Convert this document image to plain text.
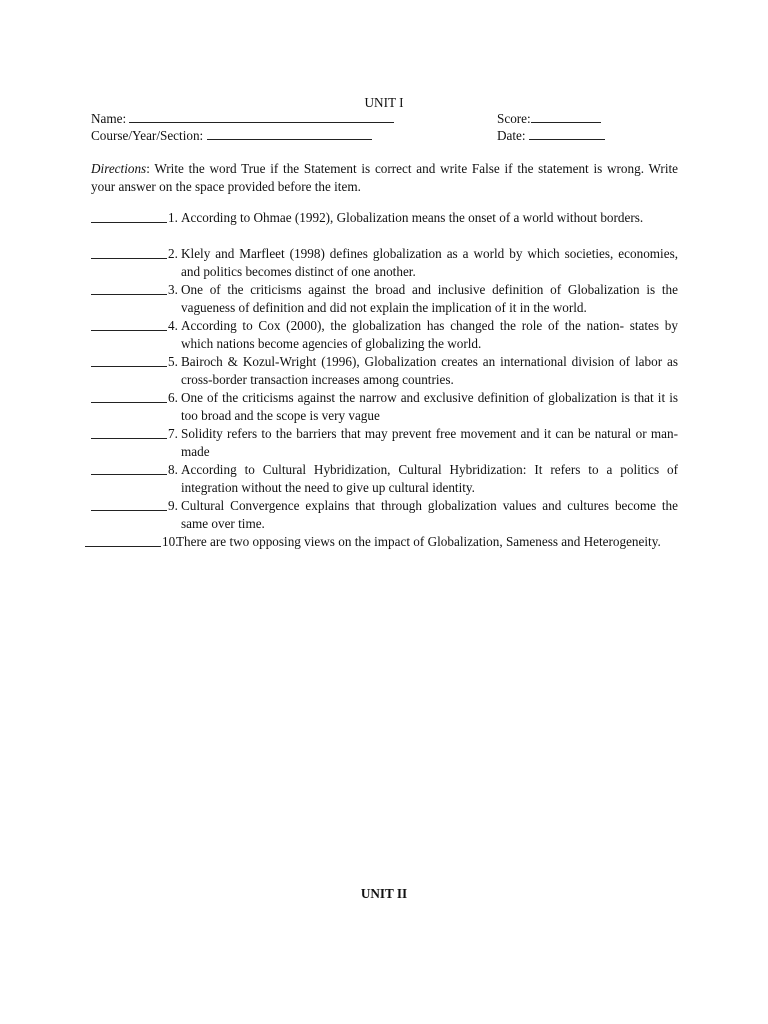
UNIT I
Name:	Score:
Course/Year/Section:	Date:
Directions: Write the word True if the Statement is correct and write False if the statement is wrong. Write your answer on the space provided before the item.
1. According to Ohmae (1992), Globalization means the onset of a world without borders.
2. Klely and Marfleet (1998) defines globalization as a world by which societies, economies, and politics becomes distinct of one another.
3. One of the criticisms against the broad and inclusive definition of Globalization is the vagueness of definition and did not explain the implication of it in the world.
4. According to Cox (2000), the globalization has changed the role of the nation- states by which nations become agencies of globalizing the world.
5. Bairoch & Kozul-Wright (1996), Globalization creates an international division of labor as cross-border transaction increases among countries.
6. One of the criticisms against the narrow and exclusive definition of globalization is that it is too broad and the scope is very vague
7. Solidity refers to the barriers that may prevent free movement and it can be natural or man-made
8. According to Cultural Hybridization, Cultural Hybridization: It refers to a politics of integration without the need to give up cultural identity.
9. Cultural Convergence explains that through globalization values and cultures become the same over time.
10.
There are two opposing views on the impact of Globalization, Sameness and Heterogeneity.
UNIT II
